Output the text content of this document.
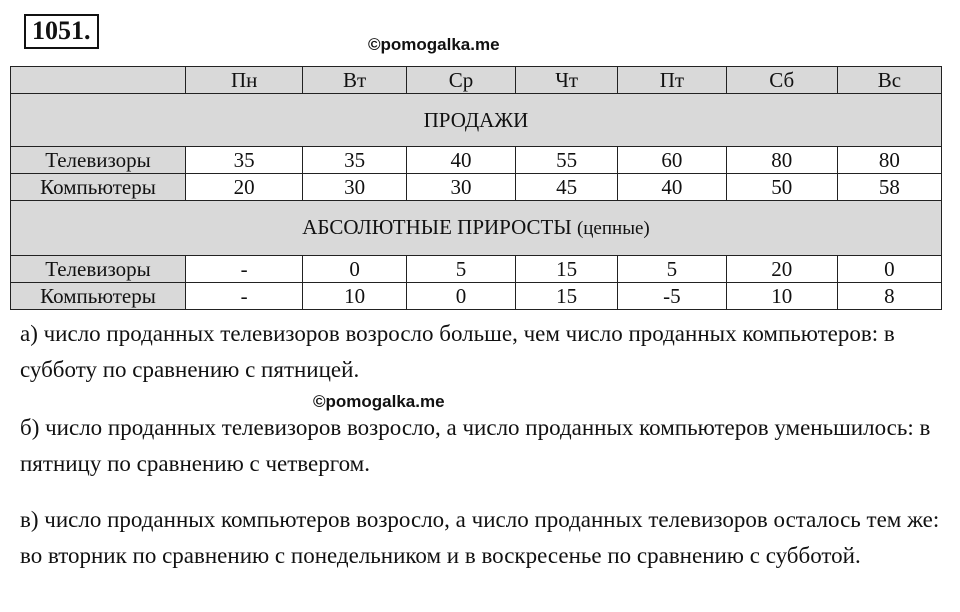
1051.	©pomogalka.me
	Пн	Вт	Ср	Чт	Пт	Сб	Вс
ПРОДАЖИ							
Телевизоры	35	35	40	55	60	80	80
Компьютеры	20	30	30	45	40	50	58
АБСОЛЮТНЫЕ ПРИРОСТЫ (цепные)							
Телевизоры	-	0	5	15	5	20	0
Компьютеры	-	10	0	15	-5	10	8

а) число проданных телевизоров возросло больше, чем число проданных компьютеров: в субботу по сравнению с пятницей.

©pomogalka.me

б) число проданных телевизоров возросло, а число проданных компьютеров уменьшилось: в пятницу по сравнению с четвергом.

в) число проданных компьютеров возросло, а число проданных телевизоров осталось тем же: во вторник по сравнению с понедельником и в воскресенье по сравнению с субботой.
